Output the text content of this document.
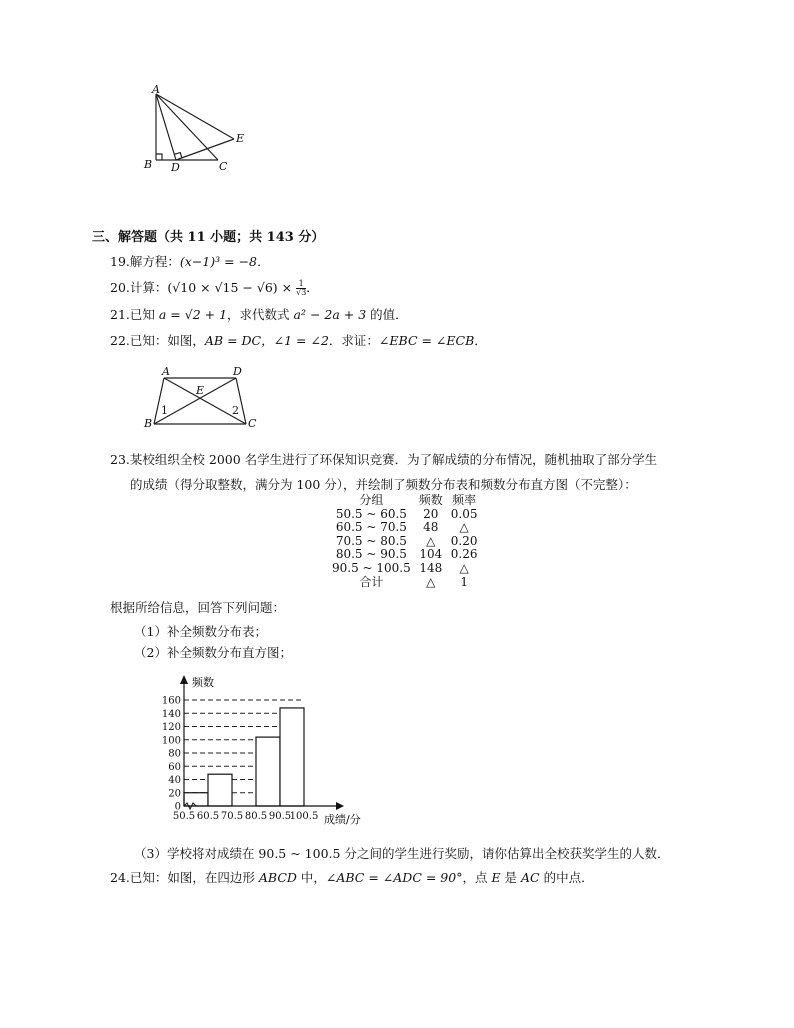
A
B	C
D
E
三、解答题（共 11 小题；共 143 分）
19.解方程：(x−1)³ = −8．
20.计算：$(√10 \times √15 - √6) \times \frac{1}{√3}$ ．
21.已知 a = √2 + 1，求代数式 a² − 2a + 3 的值．
22.已知：如图，AB = DC，∠1 = ∠2．求证：∠EBC = ∠ECB．
A	D
E
B	C
1	2
23.某校组织全校 2000 名学生进行了环保知识竞赛．为了解成绩的分布情况，随机抽取了部分学生
的成绩（得分取整数，满分为 100 分），并绘制了频数分布表和频数分布直方图（不完整）：
分组	频数	频率
50.5 ~ 60.5	20	0.05
60.5 ~ 70.5	48	△
70.5 ~ 80.5	△	0.20
80.5 ~ 90.5	104	0.26
90.5 ~ 100.5	148	△
合计	△	1
根据所给信息，回答下列问题：
（1）补全频数分布表；
（2）补全频数分布直方图；
0
20
40
60
80
100
120
140
160
50.5 60.5 70.5 80.5 90.5
100.5
频数
成绩/分
（3）学校将对成绩在 90.5 ~ 100.5 分之间的学生进行奖励，请你估算出全校获奖学生的人数．
24.已知：如图，在四边形 ABCD 中，∠ABC = ∠ADC = 90°，点 E 是 AC 的中点．
